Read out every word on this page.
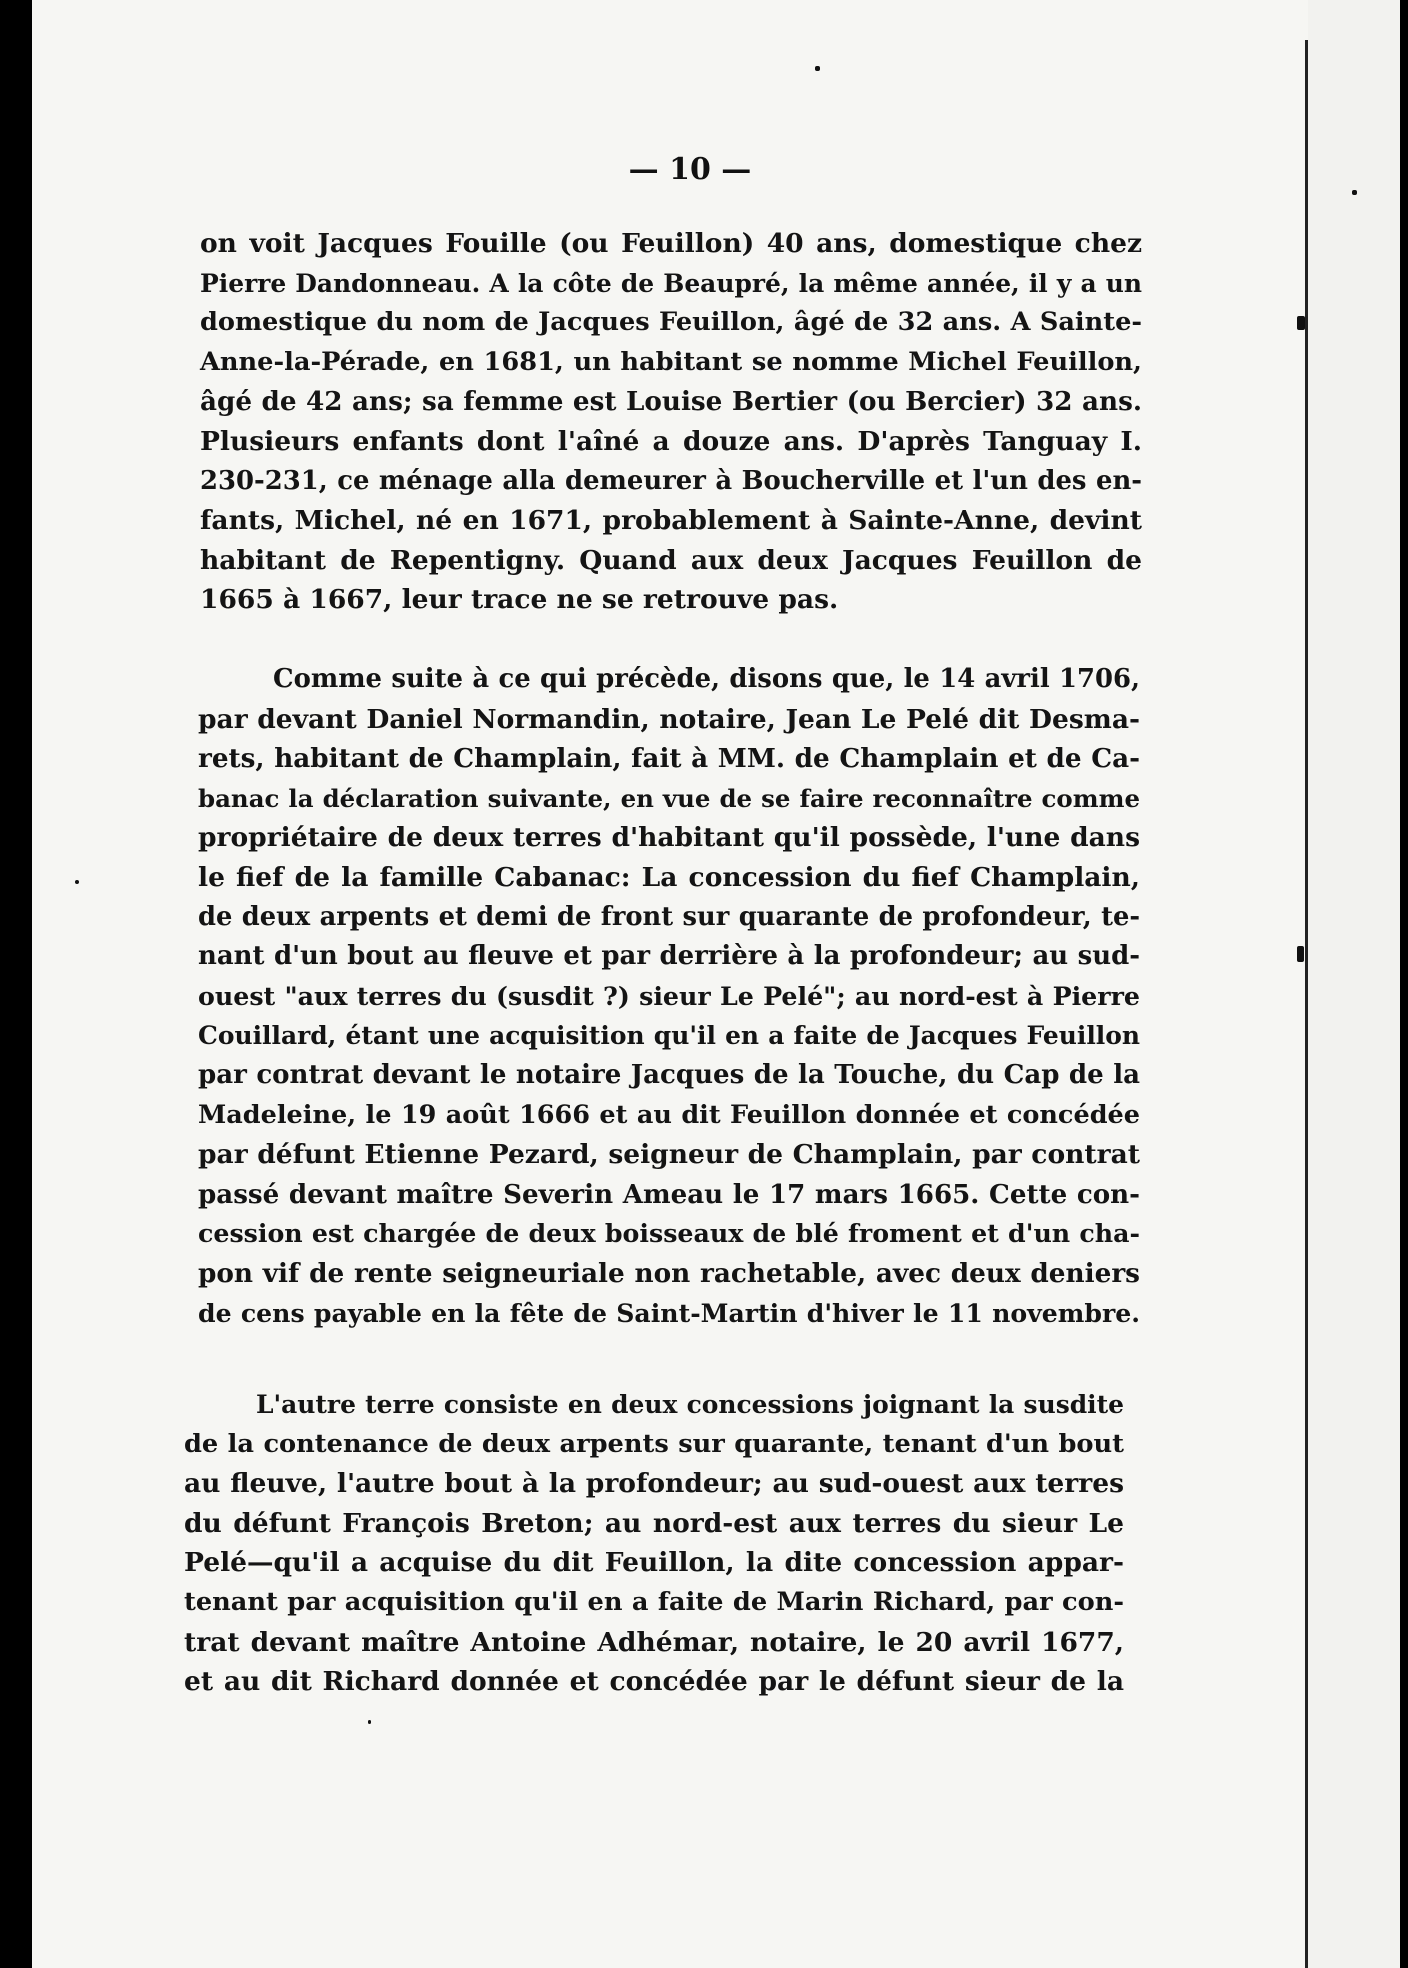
— 10 —
on voit Jacques Fouille (ou Feuillon) 40 ans, domestique chez
Pierre Dandonneau. A la côte de Beaupré, la même année, il y a un
domestique du nom de Jacques Feuillon, âgé de 32 ans. A Sainte-
Anne-la-Pérade, en 1681, un habitant se nomme Michel Feuillon,
âgé de 42 ans; sa femme est Louise Bertier (ou Bercier) 32 ans.
Plusieurs enfants dont l'aîné a douze ans. D'après Tanguay I.
230-231, ce ménage alla demeurer à Boucherville et l'un des en-
fants, Michel, né en 1671, probablement à Sainte-Anne, devint
habitant de Repentigny. Quand aux deux Jacques Feuillon de
1665 à 1667, leur trace ne se retrouve pas.
Comme suite à ce qui précède, disons que, le 14 avril 1706,
par devant Daniel Normandin, notaire, Jean Le Pelé dit Desma-
rets, habitant de Champlain, fait à MM. de Champlain et de Ca-
banac la déclaration suivante, en vue de se faire reconnaître comme
propriétaire de deux terres d'habitant qu'il possède, l'une dans
le fief de la famille Cabanac: La concession du fief Champlain,
de deux arpents et demi de front sur quarante de profondeur, te-
nant d'un bout au fleuve et par derrière à la profondeur; au sud-
ouest "aux terres du (susdit ?) sieur Le Pelé"; au nord-est à Pierre
Couillard, étant une acquisition qu'il en a faite de Jacques Feuillon
par contrat devant le notaire Jacques de la Touche, du Cap de la
Madeleine, le 19 août 1666 et au dit Feuillon donnée et concédée
par défunt Etienne Pezard, seigneur de Champlain, par contrat
passé devant maître Severin Ameau le 17 mars 1665. Cette con-
cession est chargée de deux boisseaux de blé froment et d'un cha-
pon vif de rente seigneuriale non rachetable, avec deux deniers
de cens payable en la fête de Saint-Martin d'hiver le 11 novembre.
L'autre terre consiste en deux concessions joignant la susdite
de la contenance de deux arpents sur quarante, tenant d'un bout
au fleuve, l'autre bout à la profondeur; au sud-ouest aux terres
du défunt François Breton; au nord-est aux terres du sieur Le
Pelé—qu'il a acquise du dit Feuillon, la dite concession appar-
tenant par acquisition qu'il en a faite de Marin Richard, par con-
trat devant maître Antoine Adhémar, notaire, le 20 avril 1677,
et au dit Richard donnée et concédée par le défunt sieur de la
